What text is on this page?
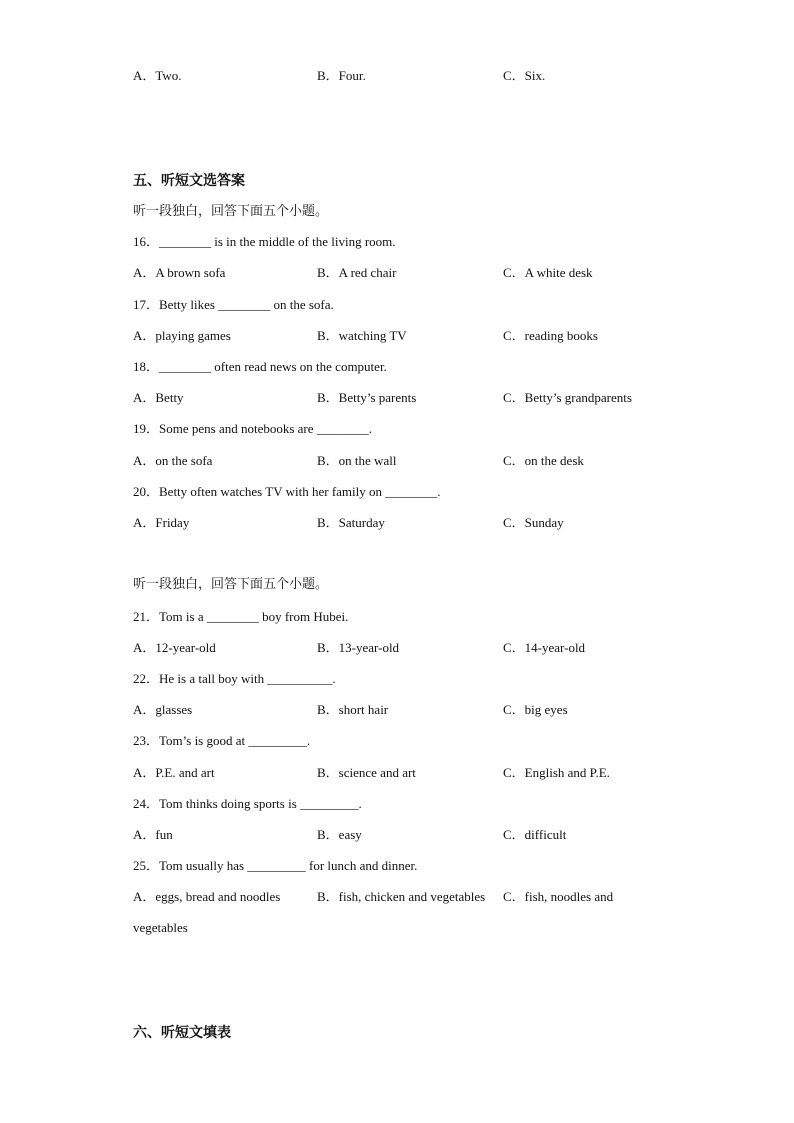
A．Two.	B．Four.	C．Six.
五、听短文选答案
听一段独白，回答下面五个小题。
16．________ is in the middle of the living room.
A．A brown sofa	B．A red chair	C．A white desk
17．Betty likes ________ on the sofa.
A．playing games	B．watching TV	C．reading books
18．________ often read news on the computer.
A．Betty	B．Betty’s parents	C．Betty’s grandparents
19．Some pens and notebooks are ________.
A．on the sofa	B．on the wall	C．on the desk
20．Betty often watches TV with her family on ________.
A．Friday	B．Saturday	C．Sunday
听一段独白，回答下面五个小题。
21．Tom is a ________ boy from Hubei.
A．12-year-old	B．13-year-old	C．14-year-old
22．He is a tall boy with __________.
A．glasses	B．short hair	C．big eyes
23．Tom’s is good at _________.
A．P.E. and art	B．science and art	C．English and P.E.
24．Tom thinks doing sports is _________.
A．fun	B．easy	C．difficult
25．Tom usually has _________ for lunch and dinner.
A．eggs, bread and noodles	B．fish, chicken and vegetables C．fish, noodles and
vegetables
六、听短文填表
